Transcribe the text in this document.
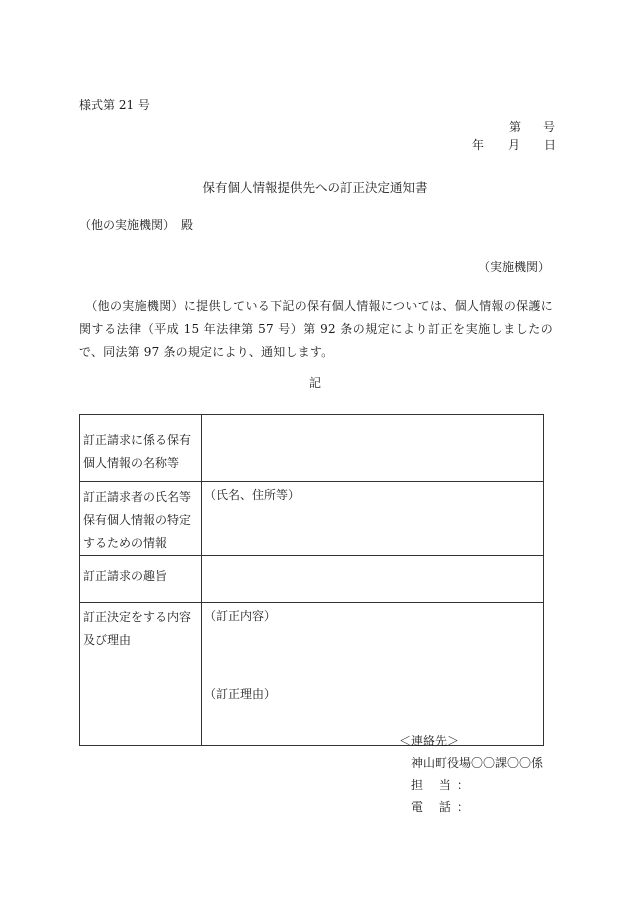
様式第 21 号
第 号
年 月 日
保有個人情報提供先への訂正決定通知書
（他の実施機関）　殿
（実施機関）
　（他の実施機関）に提供している下記の保有個人情報については、個人情報の保護に関する法律（平成 15 年法律第 57 号）第 92 条の規定により訂正を実施しましたので、同法第 97 条の規定により、通知します。
記
訂正請求に係る保有個人情報の名称等	
訂正請求者の氏名等保有個人情報の特定するための情報	（氏名、住所等）
訂正請求の趣旨	
訂正決定をする内容及び理由	（訂正内容）
（訂正理由）
＜連絡先＞
神山町役場〇〇課〇〇係
担 当：
電 話：
